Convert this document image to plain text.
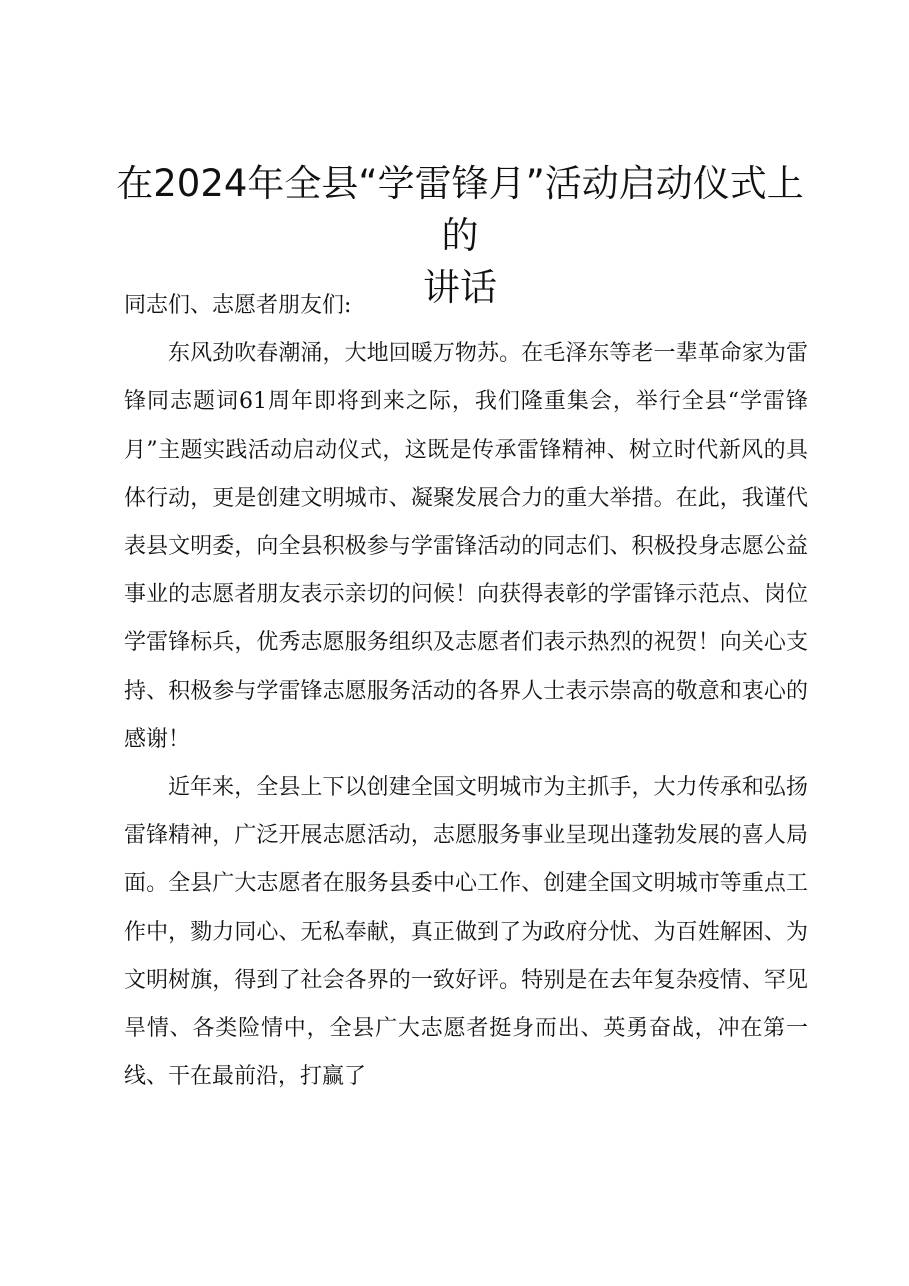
在2024年全县“学雷锋月”活动启动仪式上的
讲话

同志们、志愿者朋友们:

东风劲吹春潮涌，大地回暖万物苏。在毛泽东等老一辈革命家为雷锋同志题词61周年即将到来之际，我们隆重集会，举行全县“学雷锋月”主题实践活动启动仪式，这既是传承雷锋精神、树立时代新风的具体行动，更是创建文明城市、凝聚发展合力的重大举措。在此，我谨代表县文明委，向全县积极参与学雷锋活动的同志们、积极投身志愿公益事业的志愿者朋友表示亲切的问候！向获得表彰的学雷锋示范点、岗位学雷锋标兵，优秀志愿服务组织及志愿者们表示热烈的祝贺！向关心支持、积极参与学雷锋志愿服务活动的各界人士表示崇高的敬意和衷心的感谢！

近年来，全县上下以创建全国文明城市为主抓手，大力传承和弘扬雷锋精神，广泛开展志愿活动，志愿服务事业呈现出蓬勃发展的喜人局面。全县广大志愿者在服务县委中心工作、创建全国文明城市等重点工作中，勠力同心、无私奉献，真正做到了为政府分忧、为百姓解困、为文明树旗，得到了社会各界的一致好评。特别是在去年复杂疫情、罕见旱情、各类险情中，全县广大志愿者挺身而出、英勇奋战，冲在第一线、干在最前沿，打赢了
